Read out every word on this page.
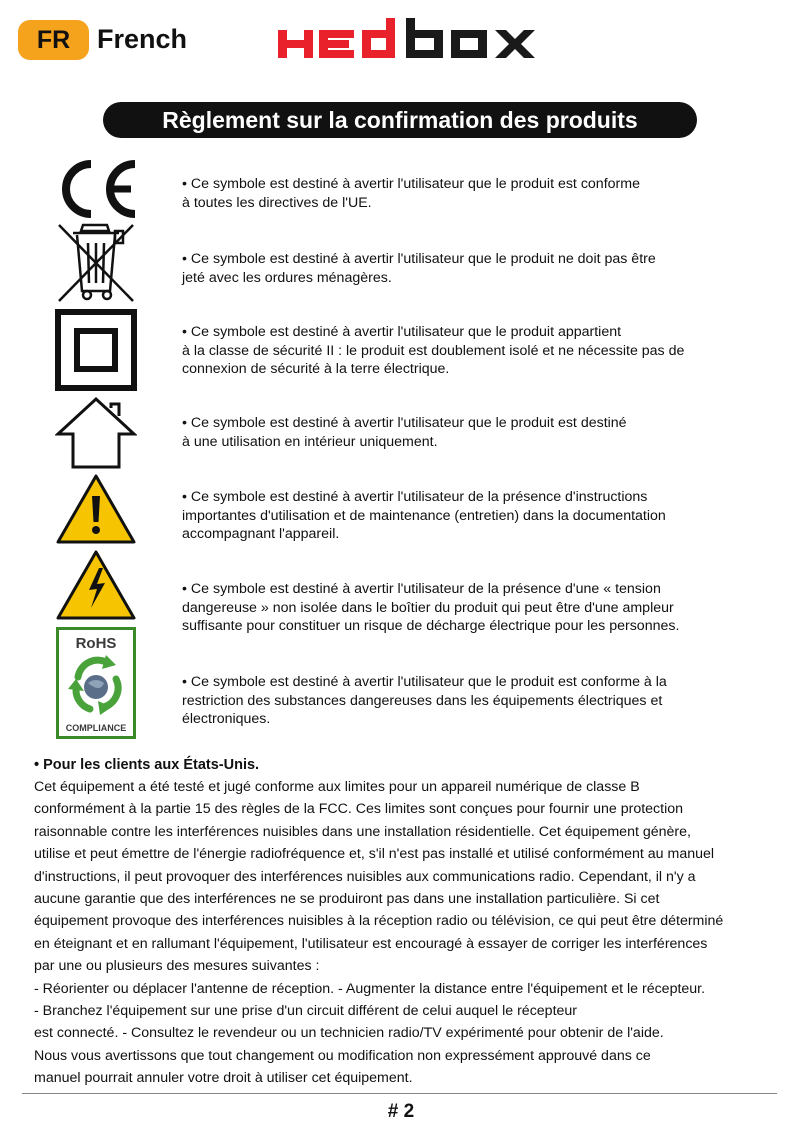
FR French
Règlement sur la confirmation des produits
• Ce symbole est destiné à avertir l'utilisateur que le produit est conforme
à toutes les directives de l'UE.
• Ce symbole est destiné à avertir l'utilisateur que le produit ne doit pas être
jeté avec les ordures ménagères.
• Ce symbole est destiné à avertir l'utilisateur que le produit appartient
à la classe de sécurité II : le produit est doublement isolé et ne nécessite pas de
connexion de sécurité à la terre électrique.
• Ce symbole est destiné à avertir l'utilisateur que le produit est destiné
à une utilisation en intérieur uniquement.
• Ce symbole est destiné à avertir l'utilisateur de la présence d'instructions
importantes d'utilisation et de maintenance (entretien) dans la documentation
accompagnant l'appareil.
• Ce symbole est destiné à avertir l'utilisateur de la présence d'une « tension
dangereuse » non isolée dans le boîtier du produit qui peut être d'une ampleur
suffisante pour constituer un risque de décharge électrique pour les personnes.
RoHS
COMPLIANCE
• Ce symbole est destiné à avertir l'utilisateur que le produit est conforme à la
restriction des substances dangereuses dans les équipements électriques et
électroniques.
• Pour les clients aux États-Unis.

Cet équipement a été testé et jugé conforme aux limites pour un appareil numérique de classe B

conformément à la partie 15 des règles de la FCC. Ces limites sont conçues pour fournir une protection

raisonnable contre les interférences nuisibles dans une installation résidentielle. Cet équipement génère,

utilise et peut émettre de l'énergie radiofréquence et, s'il n'est pas installé et utilisé conformément au manuel

d'instructions, il peut provoquer des interférences nuisibles aux communications radio. Cependant, il n'y a

aucune garantie que des interférences ne se produiront pas dans une installation particulière. Si cet

équipement provoque des interférences nuisibles à la réception radio ou télévision, ce qui peut être déterminé

en éteignant et en rallumant l'équipement, l'utilisateur est encouragé à essayer de corriger les interférences

par une ou plusieurs des mesures suivantes :

- Réorienter ou déplacer l'antenne de réception. - Augmenter la distance entre l'équipement et le récepteur.

- Branchez l'équipement sur une prise d'un circuit différent de celui auquel le récepteur

est connecté. - Consultez le revendeur ou un technicien radio/TV expérimenté pour obtenir de l'aide.

Nous vous avertissons que tout changement ou modification non expressément approuvé dans ce

manuel pourrait annuler votre droit à utiliser cet équipement.

# 2
